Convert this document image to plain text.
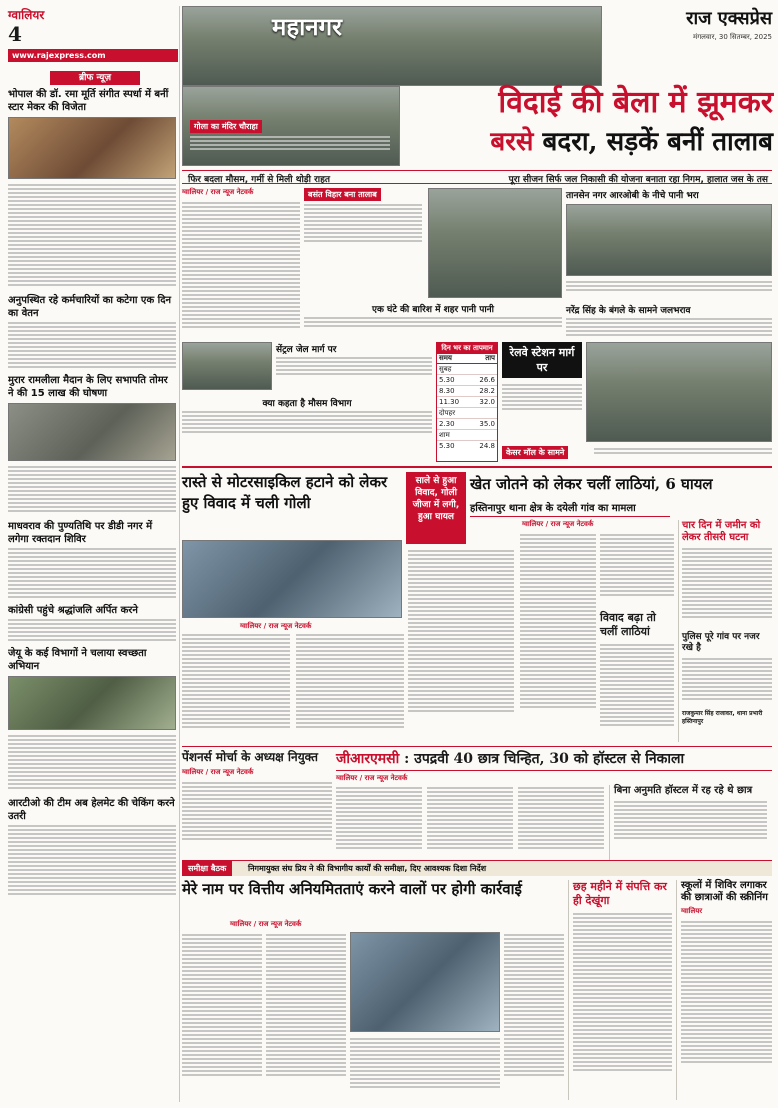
ग्वालियर
4
www.rajexpress.com
ब्रीफ न्यूज़
भोपाल की डॉ. रमा मूर्ति संगीत स्पर्धा में बनीं स्टार मेकर की विजेता
अनुपस्थित रहे कर्मचारियों का कटेगा एक दिन का वेतन
मुरार रामलीला मैदान के लिए सभापति तोमर ने की 15 लाख की घोषणा
माधवराव की पुण्यतिथि पर डीडी नगर में लगेगा रक्तदान शिविर
कांग्रेसी पहुंचे श्रद्धांजलि अर्पित करने
जेयू के कई विभागों ने चलाया स्वच्छता अभियान
आरटीओ की टीम अब हेलमेट की चेकिंग करने उतरी
महानगर	राज एक्सप्रेस
मंगलवार, 30 सितम्बर, 2025
गोला का मंदिर चौराहा
विदाई की बेला में झूमकर
बरसे बदरा, सड़कें बनीं तालाब
फिर बदला मौसम, गर्मी से मिली थोड़ी राहत	पूरा सीजन सिर्फ जल निकासी की योजना बनाता रहा निगम, हालात जस के तस
ग्वालियर / राज न्यूज नेटवर्क	बसंत विहार बना तालाब
एक घंटे की बारिश में शहर पानी पानी
तानसेन नगर आरओबी के नीचे पानी भरा
नरेंद्र सिंह के बंगले के सामने जलभराव
सेंट्रल जेल मार्ग पर
क्या कहता है मौसम विभाग
दिन भर का तापमान
समय	ताप
सुबह
5.30	26.6
8.30	28.2
11.30	32.0
दोपहर
2.30	35.0
शाम
5.30	24.8
रेलवे स्टेशन मार्ग पर
केसर मॉल के सामने
रास्ते से मोटरसाइकिल हटाने को लेकर हुए विवाद में चली गोली
साले से हुआ विवाद, गोली जीजा में लगी, हुआ घायल
ग्वालियर / राज न्यूज नेटवर्क
खेत जोतने को लेकर चलीं लाठियां, 6 घायल
हस्तिनापुर थाना क्षेत्र के दयेली गांव का मामला
ग्वालियर / राज न्यूज नेटवर्क
विवाद बढ़ा तो चलीं लाठियां
चार दिन में जमीन को लेकर तीसरी घटना
पुलिस पूरे गांव पर नजर रखे है
राजकुमार सिंह राजावत, थाना प्रभारी हस्तिनापुर
पेंशनर्स मोर्चा के अध्यक्ष नियुक्त
ग्वालियर / राज न्यूज नेटवर्क
जीआरएमसी : उपद्रवी 40 छात्र चिन्हित, 30 को हॉस्टल से निकाला
ग्वालियर / राज न्यूज नेटवर्क
बिना अनुमति हॉस्टल में रह रहे थे छात्र
समीक्षा बैठक	निगमायुक्त संघ प्रिय ने की विभागीय कार्यों की समीक्षा, दिए आवश्यक दिशा निर्देश
मेरे नाम पर वित्तीय अनियमितताएं करने वालों पर होगी कार्रवाई
ग्वालियर / राज न्यूज नेटवर्क
छह महीने में संपत्ति कर ही देखूंगा
स्कूलों में शिविर लगाकर की छात्राओं की स्क्रीनिंग
ग्वालियर
